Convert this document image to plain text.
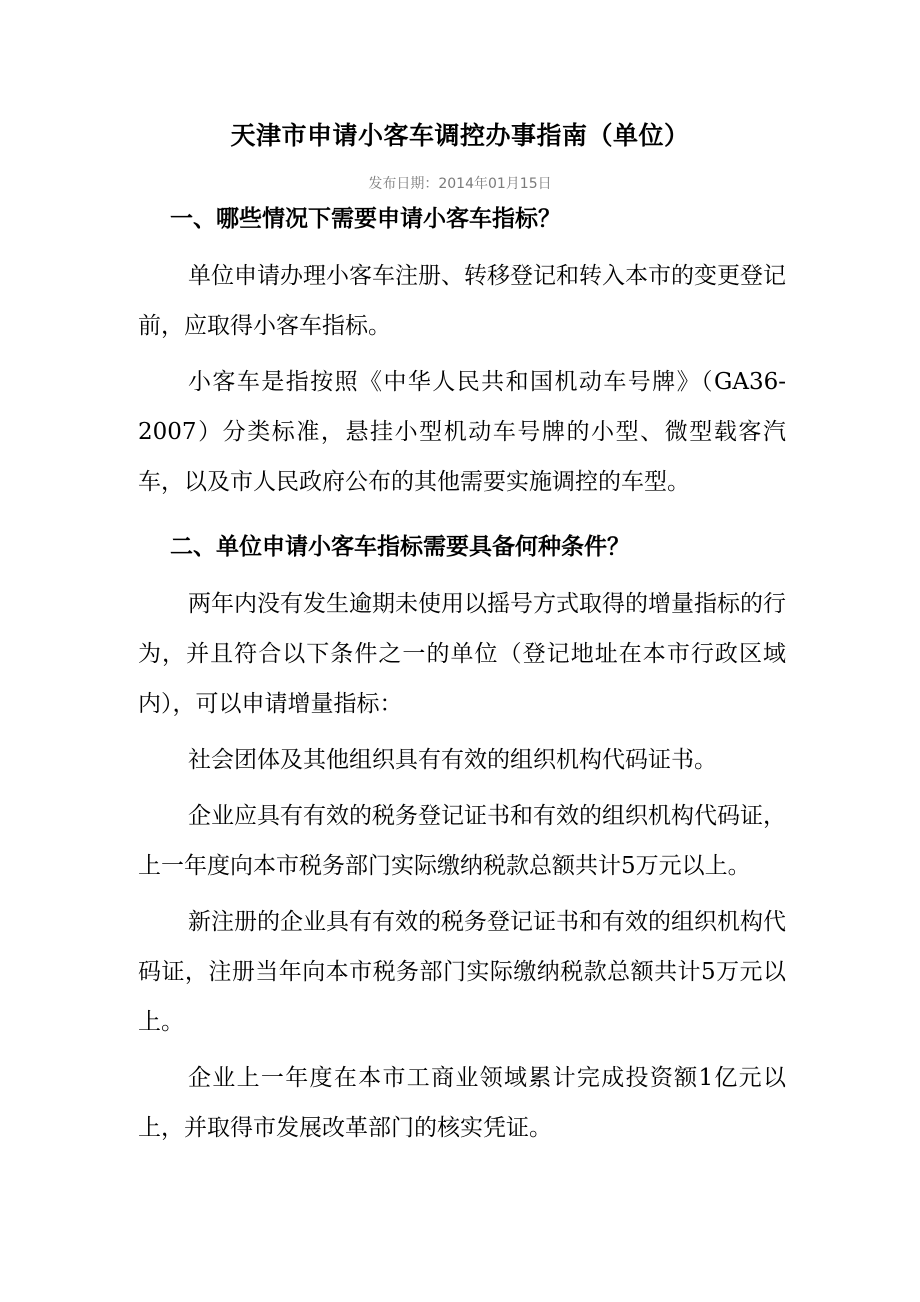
天津市申请小客车调控办事指南（单位）
发布日期：2014年01月15日
一、哪些情况下需要申请小客车指标？

单位申请办理小客车注册、转移登记和转入本市的变更登记前，应取得小客车指标。

小客车是指按照《中华人民共和国机动车号牌》（GA36-2007）分类标准，悬挂小型机动车号牌的小型、微型载客汽车，以及市人民政府公布的其他需要实施调控的车型。

二、单位申请小客车指标需要具备何种条件？

两年内没有发生逾期未使用以摇号方式取得的增量指标的行为，并且符合以下条件之一的单位（登记地址在本市行政区域内），可以申请增量指标：

社会团体及其他组织具有有效的组织机构代码证书。

企业应具有有效的税务登记证书和有效的组织机构代码证，上一年度向本市税务部门实际缴纳税款总额共计5万元以上。

新注册的企业具有有效的税务登记证书和有效的组织机构代码证，注册当年向本市税务部门实际缴纳税款总额共计5万元以上。

企业上一年度在本市工商业领域累计完成投资额1亿元以上，并取得市发展改革部门的核实凭证。
